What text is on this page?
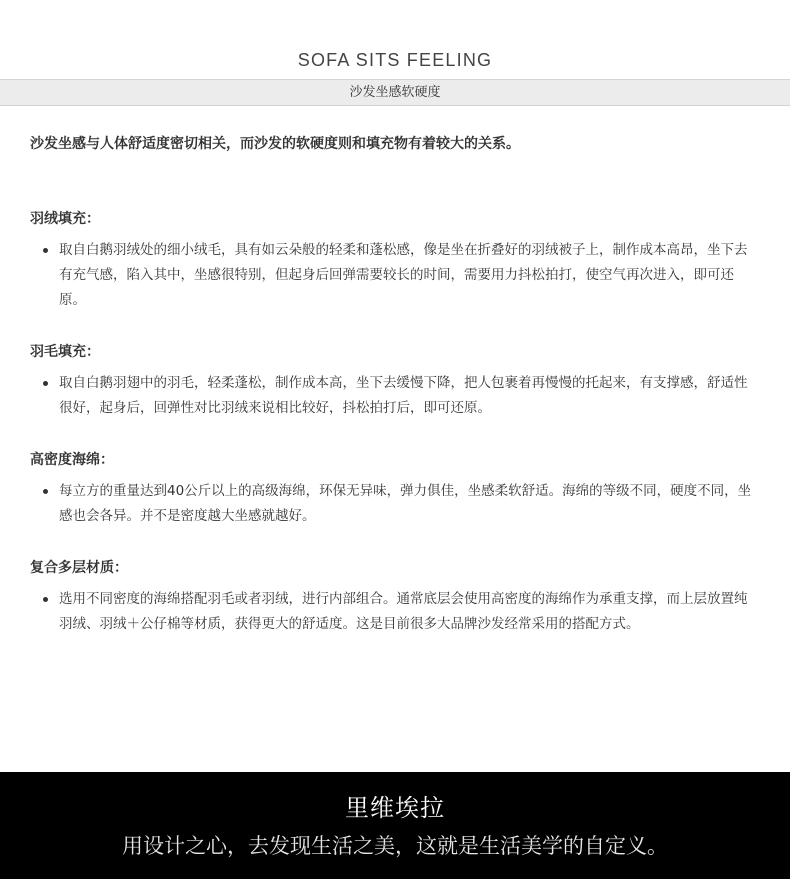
SOFA SITS FEELING
沙发坐感软硬度
沙发坐感与人体舒适度密切相关，而沙发的软硬度则和填充物有着较大的关系。
羽绒填充：
取自白鹅羽绒处的细小绒毛，具有如云朵般的轻柔和蓬松感，像是坐在折叠好的羽绒被子上，制作成本高昂，坐下去有充气感，陷入其中，坐感很特别，但起身后回弹需要较长的时间，需要用力抖松拍打，使空气再次进入，即可还原。
羽毛填充：
取自白鹅羽翅中的羽毛，轻柔蓬松，制作成本高，坐下去缓慢下降，把人包裹着再慢慢的托起来，有支撑感，舒适性很好，起身后，回弹性对比羽绒来说相比较好，抖松拍打后，即可还原。
高密度海绵：
每立方的重量达到40公斤以上的高级海绵，环保无异味，弹力俱佳，坐感柔软舒适。海绵的等级不同，硬度不同，坐感也会各异。并不是密度越大坐感就越好。
复合多层材质：
选用不同密度的海绵搭配羽毛或者羽绒，进行内部组合。通常底层会使用高密度的海绵作为承重支撑，而上层放置纯羽绒、羽绒＋公仔棉等材质，获得更大的舒适度。这是目前很多大品牌沙发经常采用的搭配方式。
里维埃拉
用设计之心，去发现生活之美，这就是生活美学的自定义。
